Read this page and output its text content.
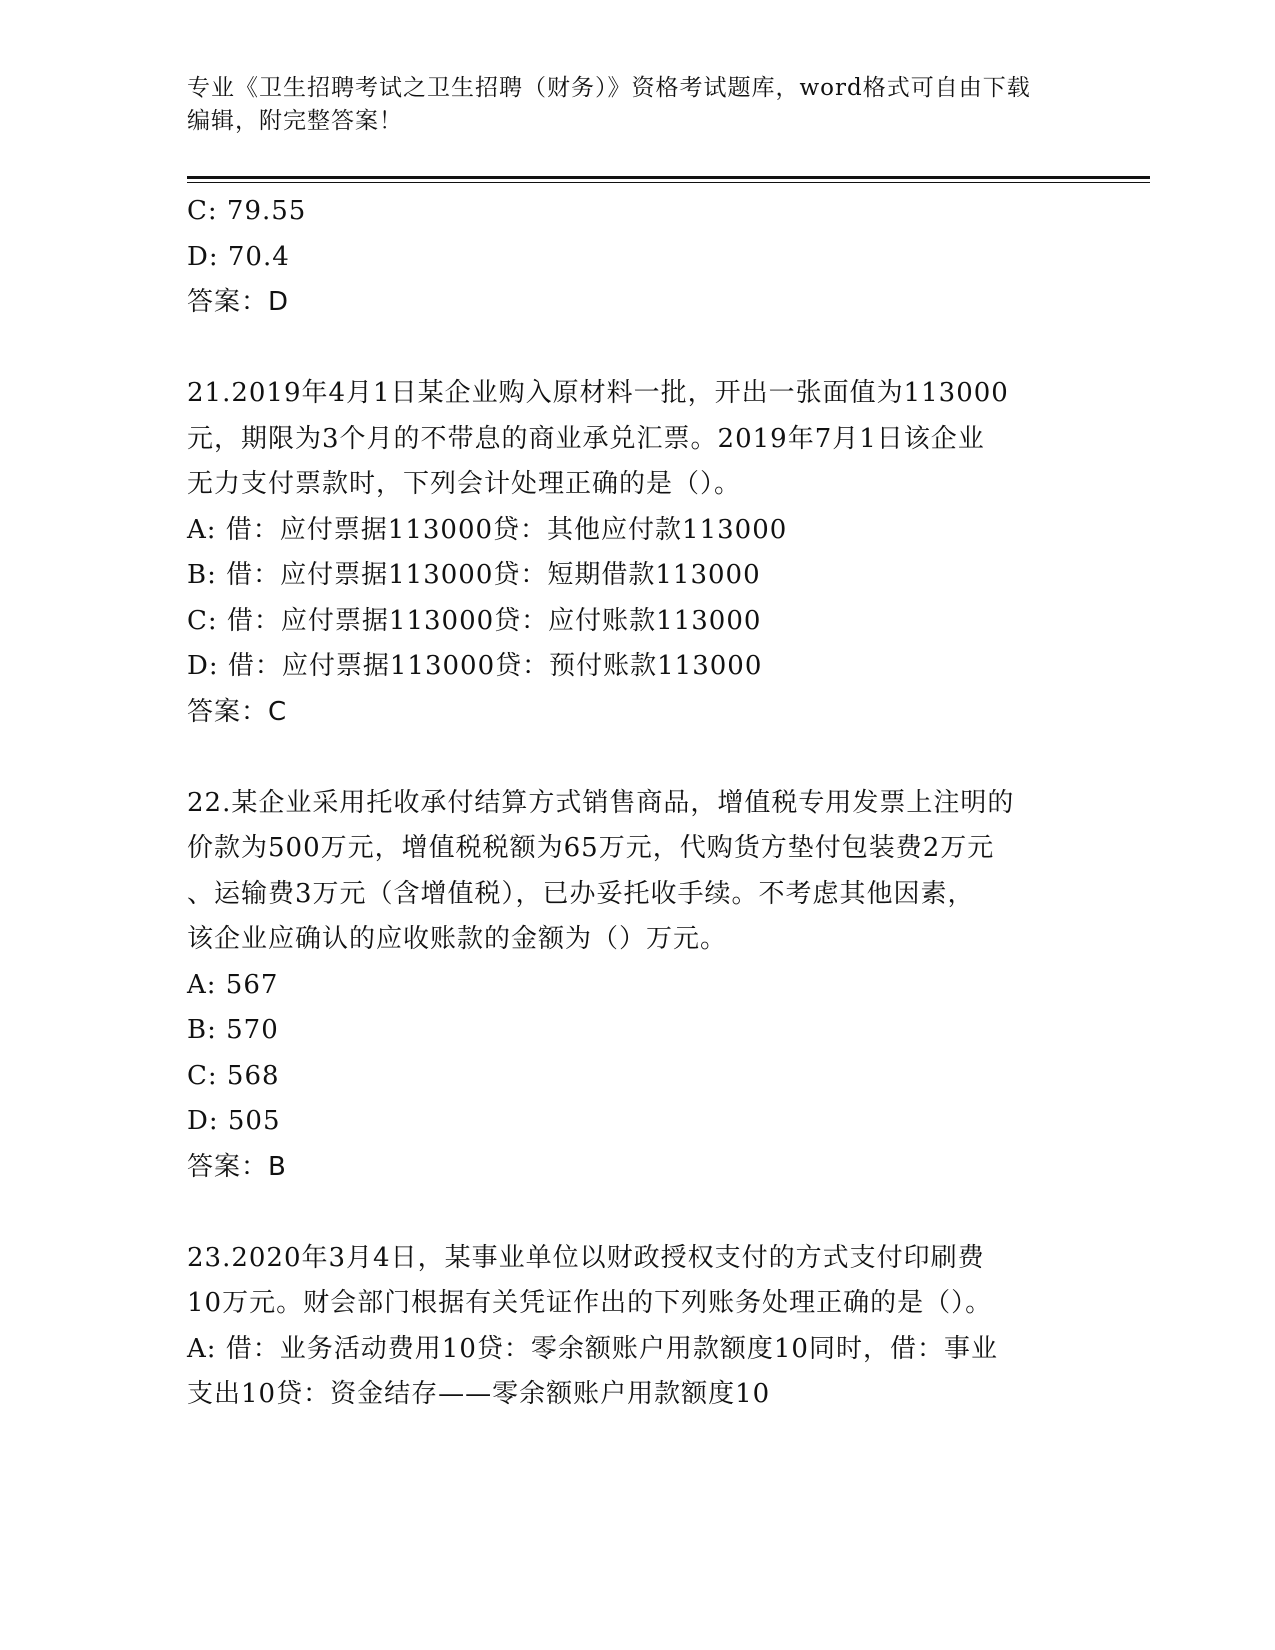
专业《卫生招聘考试之卫生招聘（财务）》资格考试题库，word格式可自由下载
编辑，附完整答案！
C: 79.55
D: 70.4
答案：D
21.2019年4月1日某企业购入原材料一批，开出一张面值为113000
元，期限为3个月的不带息的商业承兑汇票。2019年7月1日该企业
无力支付票款时，下列会计处理正确的是（）。
A: 借：应付票据113000贷：其他应付款113000
B: 借：应付票据113000贷：短期借款113000
C: 借：应付票据113000贷：应付账款113000
D: 借：应付票据113000贷：预付账款113000
答案：C
22.某企业采用托收承付结算方式销售商品，增值税专用发票上注明的
价款为500万元，增值税税额为65万元，代购货方垫付包装费2万元
、运输费3万元（含增值税），已办妥托收手续。不考虑其他因素，
该企业应确认的应收账款的金额为（）万元。
A: 567
B: 570
C: 568
D: 505
答案：B
23.2020年3月4日，某事业单位以财政授权支付的方式支付印刷费
10万元。财会部门根据有关凭证作出的下列账务处理正确的是（）。
A: 借：业务活动费用10贷：零余额账户用款额度10同时，借：事业
支出10贷：资金结存——零余额账户用款额度10
